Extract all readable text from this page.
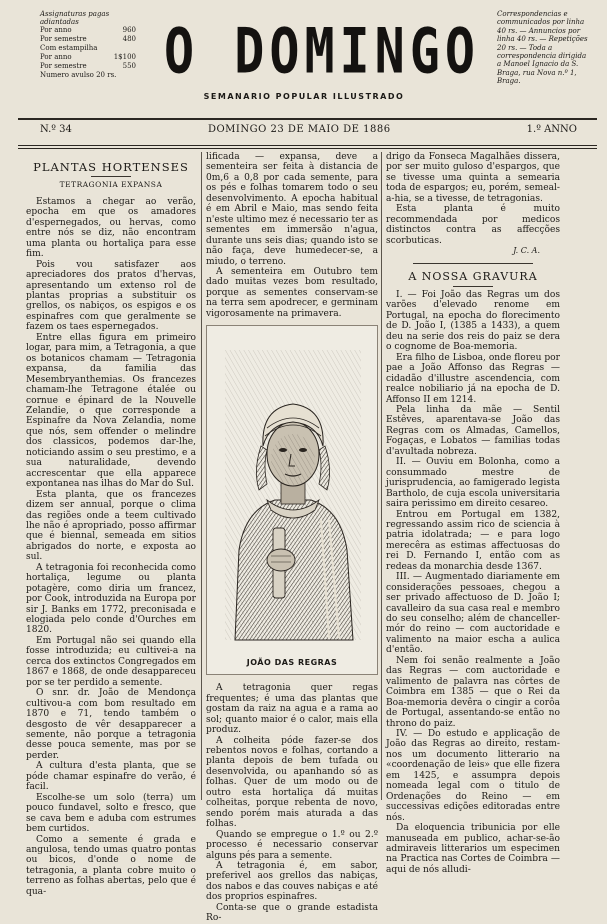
Assignaturas pagas adiantadas
Por anno	960
Por semestre	480
Com estampilha
Por anno	1$100
Por semestre	550
Numero avulso 20 rs. O DOMINGO
Correspondencias e communicados por linha 40 rs. — Annuncios por linha 40 rs. — Repetições 20 rs. — Toda a correspondencia dirigida a Manoel Ignacio da S. Braga, rua Nova n.º 1, Braga.
SEMANARIO POPULAR ILLUSTRADO
N.º 34	DOMINGO 23 DE MAIO DE 1886	1.º ANNO
PLANTAS HORTENSES
TETRAGONIA EXPANSA

Estamos a chegar ao verão, epocha em que os amadores d'espernegados, ou hervas, como entre nós se diz, não encontram uma planta ou hortaliça para esse fim.

Pois vou satisfazer aos apreciadores dos pratos d'hervas, apresentando um extenso rol de plantas proprias a substituir os grellos, os nabiços, os espigos e os espinafres com que geralmente se fazem os taes espernegados.

Entre ellas figura em primeiro logar, para mim, a Tetragonia, a que os botanicos chamam — Tetragonia expansa, da familia das Mesembryanthemias. Os francezes chamam-lhe Tetragone étalée ou cornue e épinard de la Nouvelle Zelandie, o que corresponde a Espinafre da Nova Zelandia, nome que nós, sem offender o melindre dos classicos, podemos dar-lhe, noticiando assim o seu prestimo, e a sua naturalidade, devendo accrescentar que ella apparece expontanea nas ilhas do Mar do Sul.

Esta planta, que os francezes dizem ser annual, porque o clima das regiões onde a teem cultivado lhe não é apropriado, posso affirmar que é biennal, semeada em sitios abrigados do norte, e exposta ao sul.

A tetragonia foi reconhecida como hortaliça, legume ou planta potagère, como diria um francez, por Cook, introduzida na Europa por sir J. Banks em 1772, preconisada e elogiada pelo conde d'Ourches em 1820.

Em Portugal não sei quando ella fosse introduzida; eu cultivei-a na cerca dos extinctos Congregados em 1867 e 1868, de onde desappareceu por se ter perdido a semente.

O snr. dr. João de Mendonça cultivou-a com bom resultado em 1870 e 71, tendo também o desgosto de vêr desapparecer a semente, não porque a tetragonia desse pouca semente, mas por se perder.

A cultura d'esta planta, que se póde chamar espinafre do verão, é facil.

Escolhe-se um solo (terra) um pouco fundavel, solto e fresco, que se cava bem e aduba com estrumes bem curtidos.

Como a semente é grada e angulosa, tendo umas quatro pontas ou bicos, d'onde o nome de tetragonia, a planta cobre muito o terreno as folhas abertas, pelo que é qua-

lificada — expansa, deve a sementeira ser feita à distancia de 0m,6 a 0,8 por cada semente, para os pés e folhas tomarem todo o seu desenvolvimento. A epocha habitual é em Abril e Maio, mas sendo feita n'este ultimo mez é necessario ter as sementes em immersão n'agua, durante uns seis dias; quando isto se não faça, deve humedecer-se, a miudo, o terreno.

A sementeira em Outubro tem dado muitas vezes bom resultado, porque as sementes conservam-se na terra sem apodrecer, e germinam vigorosamente na primavera.

JOÃO DAS REGRAS

A tetragonia quer regas frequentes; é uma das plantas que gostam da raiz na agua e a rama ao sol; quanto maior é o calor, mais ella produz.

A colheita póde fazer-se dos rebentos novos e folhas, cortando a planta depois de bem tufada ou desenvolvida, ou apanhando só as folhas. Quer de um modo ou de outro esta hortaliça dá muitas colheitas, porque rebenta de novo, sendo porém mais aturada a das folhas.

Quando se empregue o 1.º ou 2.º processo é necessario conservar alguns pés para a semente.

A tetragonia é, em sabor, preferivel aos grellos das nabiças, dos nabos e das couves nabiças e até dos proprios espinafres.

Conta-se que o grande estadista Ro-

drigo da Fonseca Magalhães dissera, por ser muito guloso d'espargos, que se tivesse uma quinta a semearia toda de espargos; eu, porém, semeal-a-hia, se a tivesse, de tetragonias.

Esta planta é muito recommendada por medicos distinctos contra as affecções scorbuticas.

J. C. A.
A NOSSA GRAVURA

I. — Foi João das Regras um dos varões d'elevado renome em Portugal, na epocha do florecimento de D. João I, (1385 a 1433), a quem deu na serie dos reis do paiz se dera o cognome de Boa-memoria.

Era filho de Lisboa, onde floreu por pae a João Affonso das Regras — cidadão d'illustre ascendencia, com realce nobiliario já na epocha de D. Affonso II em 1214.

Pela linha da mãe — Sentil Estêves, aparentava-se João das Regras com os Almadas, Camellos, Fogaças, e Lobatos — familias todas d'avultada nobreza.

II. — Ouviu em Bolonha, como a consummado mestre de jurisprudencia, ao famigerado legista Bartholo, de cuja escola universitaria saira perissimo em direito cesareo.

Entrou em Portugal em 1382, regressando assim rico de sciencia à patria idolatrada; — e para logo merecêra as estimas affectuosas do rei D. Fernando I, então com as redeas da monarchia desde 1367.

III. — Augmentado diariamente em considerações pessoaes, chegou a ser privado affectuoso de D. João I; cavalleiro da sua casa real e membro do seu conselho; além de chanceller-mór do reino — com auctoridade e valimento na maior escha a aulica d'então.

Nem foi senão realmente a João das Regras — com auctoridade e valimento de palavra nas côrtes de Coimbra em 1385 — que o Rei da Boa-memoria devêra o cingir a corôa de Portugal, assentando-se então no throno do paiz.

IV. — Do estudo e applicação de João das Regras ao direito, restam-nos um documento litterario na «coordenação de leis» que elle fizera em 1425, e assumpra depois nomeada legal com o titulo de Ordenações do Reino — em successivas edições editoradas entre nós.

Da eloquencia tribunicia por elle manuseada em publico, achar-se-ão admiraveis litterarios um especimen na Practica nas Cortes de Coimbra — aqui de nós alludi-
